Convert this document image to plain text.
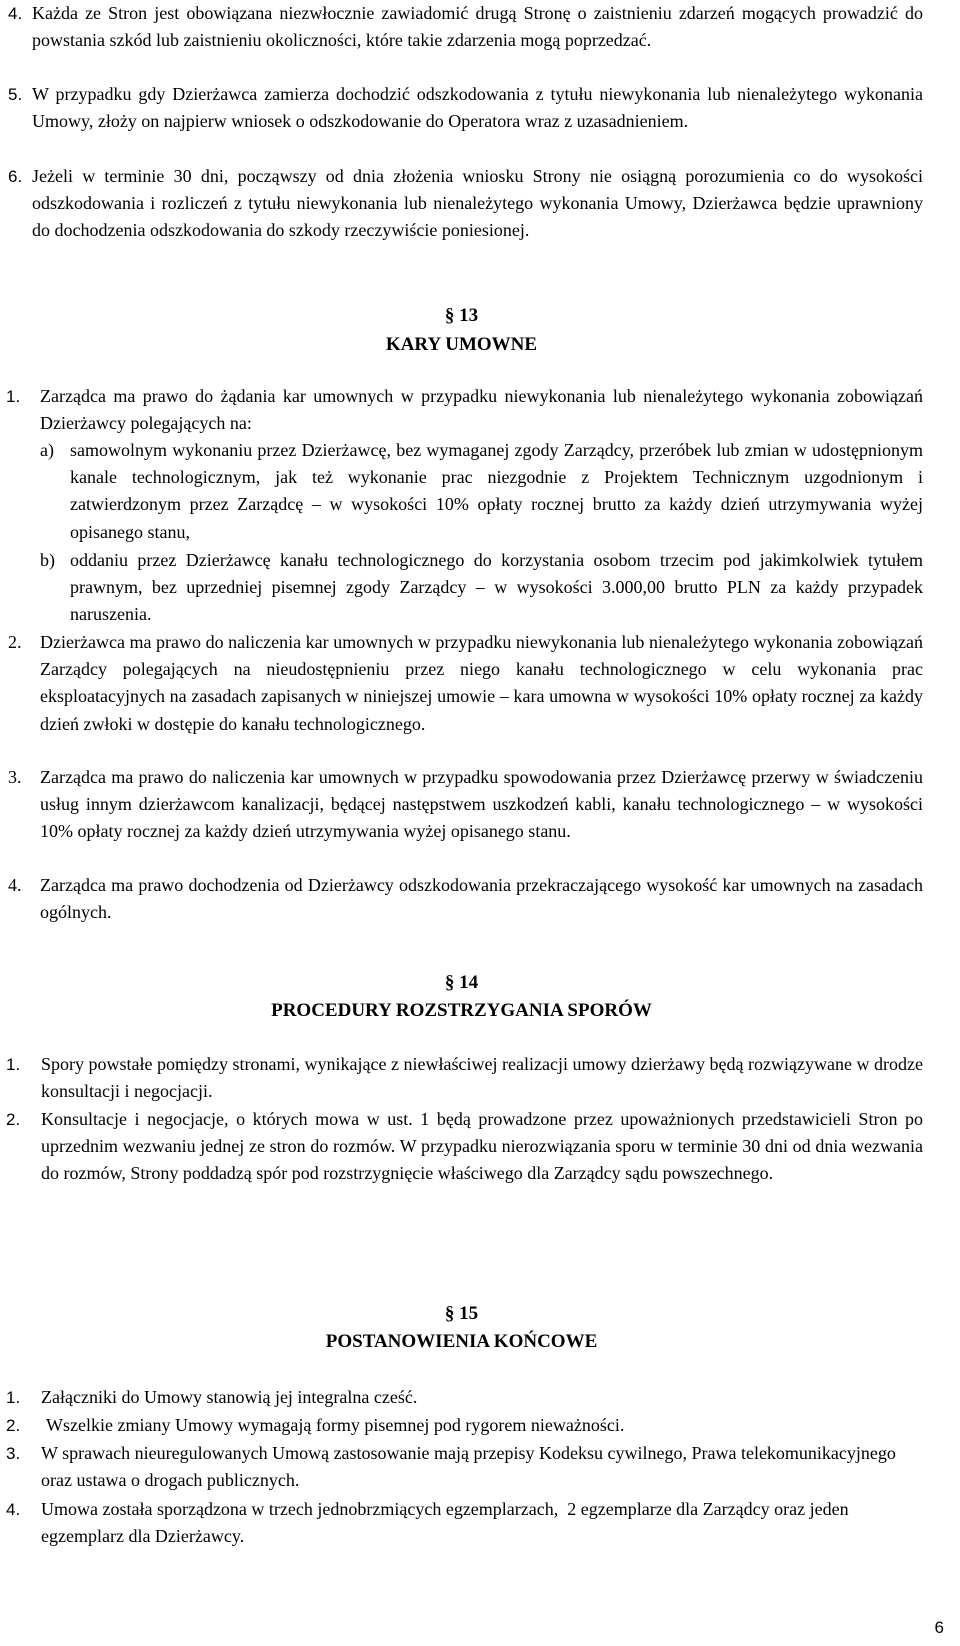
4. Każda ze Stron jest obowiązana niezwłocznie zawiadomić drugą Stronę o zaistnieniu zdarzeń mogących prowadzić do powstania szkód lub zaistnieniu okoliczności, które takie zdarzenia mogą poprzedzać.
5. W przypadku gdy Dzierżawca zamierza dochodzić odszkodowania z tytułu niewykonania lub nienależytego wykonania Umowy, złoży on najpierw wniosek o odszkodowanie do Operatora wraz z uzasadnieniem.
6. Jeżeli w terminie 30 dni, począwszy od dnia złożenia wniosku Strony nie osiągną porozumienia co do wysokości odszkodowania i rozliczeń z tytułu niewykonania lub nienależytego wykonania Umowy, Dzierżawca będzie uprawniony do dochodzenia odszkodowania do szkody rzeczywiście poniesionej.
§ 13
KARY UMOWNE
1. Zarządca ma prawo do żądania kar umownych w przypadku niewykonania lub nienależytego wykonania zobowiązań Dzierżawcy polegających na:
a) samowolnym wykonaniu przez Dzierżawcę, bez wymaganej zgody Zarządcy, przeróbek lub zmian w udostępnionym kanale technologicznym, jak też wykonanie prac niezgodnie z Projektem Technicznym uzgodnionym i zatwierdzonym przez Zarządcę – w wysokości 10% opłaty rocznej brutto za każdy dzień utrzymywania wyżej opisanego stanu,
b) oddaniu przez Dzierżawcę kanału technologicznego do korzystania osobom trzecim pod jakimkolwiek tytułem prawnym, bez uprzedniej pisemnej zgody Zarządcy – w wysokości 3.000,00 brutto PLN za każdy przypadek naruszenia.
2. Dzierżawca ma prawo do naliczenia kar umownych w przypadku niewykonania lub nienależytego wykonania zobowiązań Zarządcy polegających na nieudostępnieniu przez niego kanału technologicznego w celu wykonania prac eksploatacyjnych na zasadach zapisanych w niniejszej umowie – kara umowna w wysokości 10% opłaty rocznej za każdy dzień zwłoki w dostępie do kanału technologicznego.
3. Zarządca ma prawo do naliczenia kar umownych w przypadku spowodowania przez Dzierżawcę przerwy w świadczeniu usług innym dzierżawcom kanalizacji, będącej następstwem uszkodzeń kabli, kanału technologicznego – w wysokości 10% opłaty rocznej za każdy dzień utrzymywania wyżej opisanego stanu.
4. Zarządca ma prawo dochodzenia od Dzierżawcy odszkodowania przekraczającego wysokość kar umownych na zasadach ogólnych.
§ 14
PROCEDURY ROZSTRZYGANIA SPORÓW
1. Spory powstałe pomiędzy stronami, wynikające z niewłaściwej realizacji umowy dzierżawy będą rozwiązywane w drodze konsultacji i negocjacji.
2. Konsultacje i negocjacje, o których mowa w ust. 1 będą prowadzone przez upoważnionych przedstawicieli Stron po uprzednim wezwaniu jednej ze stron do rozmów. W przypadku nierozwiązania sporu w terminie 30 dni od dnia wezwania do rozmów, Strony poddadzą spór pod rozstrzygnięcie właściwego dla Zarządcy sądu powszechnego.
§ 15
POSTANOWIENIA KOŃCOWE
1. Załączniki do Umowy stanowią jej integralna cześć.
2. Wszelkie zmiany Umowy wymagają formy pisemnej pod rygorem nieważności.
3. W sprawach nieuregulowanych Umową zastosowanie mają przepisy Kodeksu cywilnego, Prawa telekomunikacyjnego oraz ustawa o drogach publicznych.
4. Umowa została sporządzona w trzech jednobrzmiących egzemplarzach,  2 egzemplarze dla Zarządcy oraz jeden egzemplarz dla Dzierżawcy.
6
